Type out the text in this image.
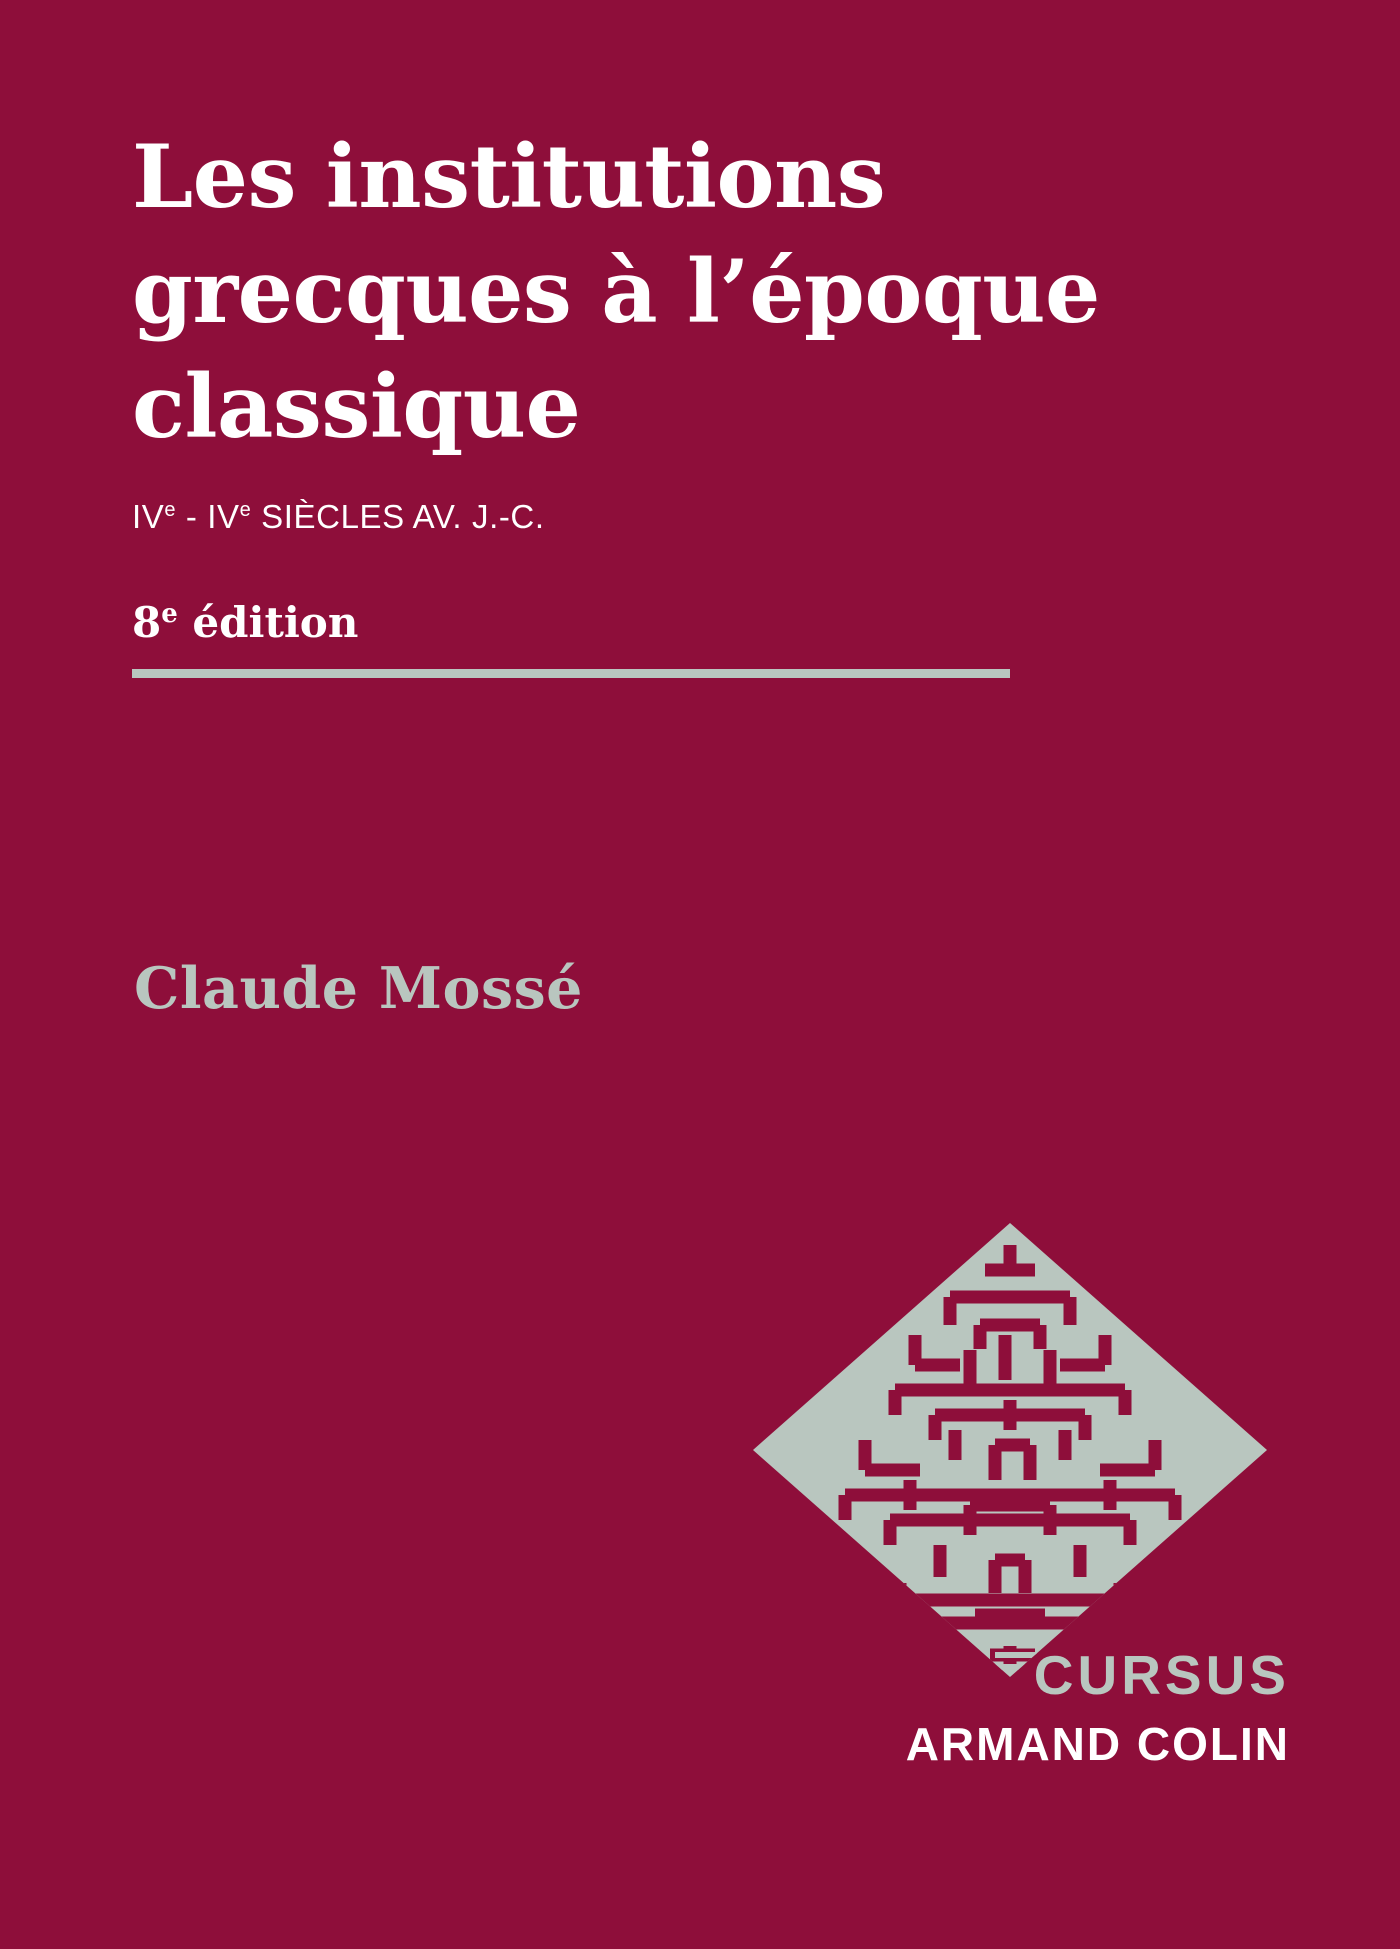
Les institutions grecques à l’époque classique
IVe - IVe SIÈCLES AV. J.-C.
8e édition
Claude Mossé
CURSUS
ARMAND COLIN
